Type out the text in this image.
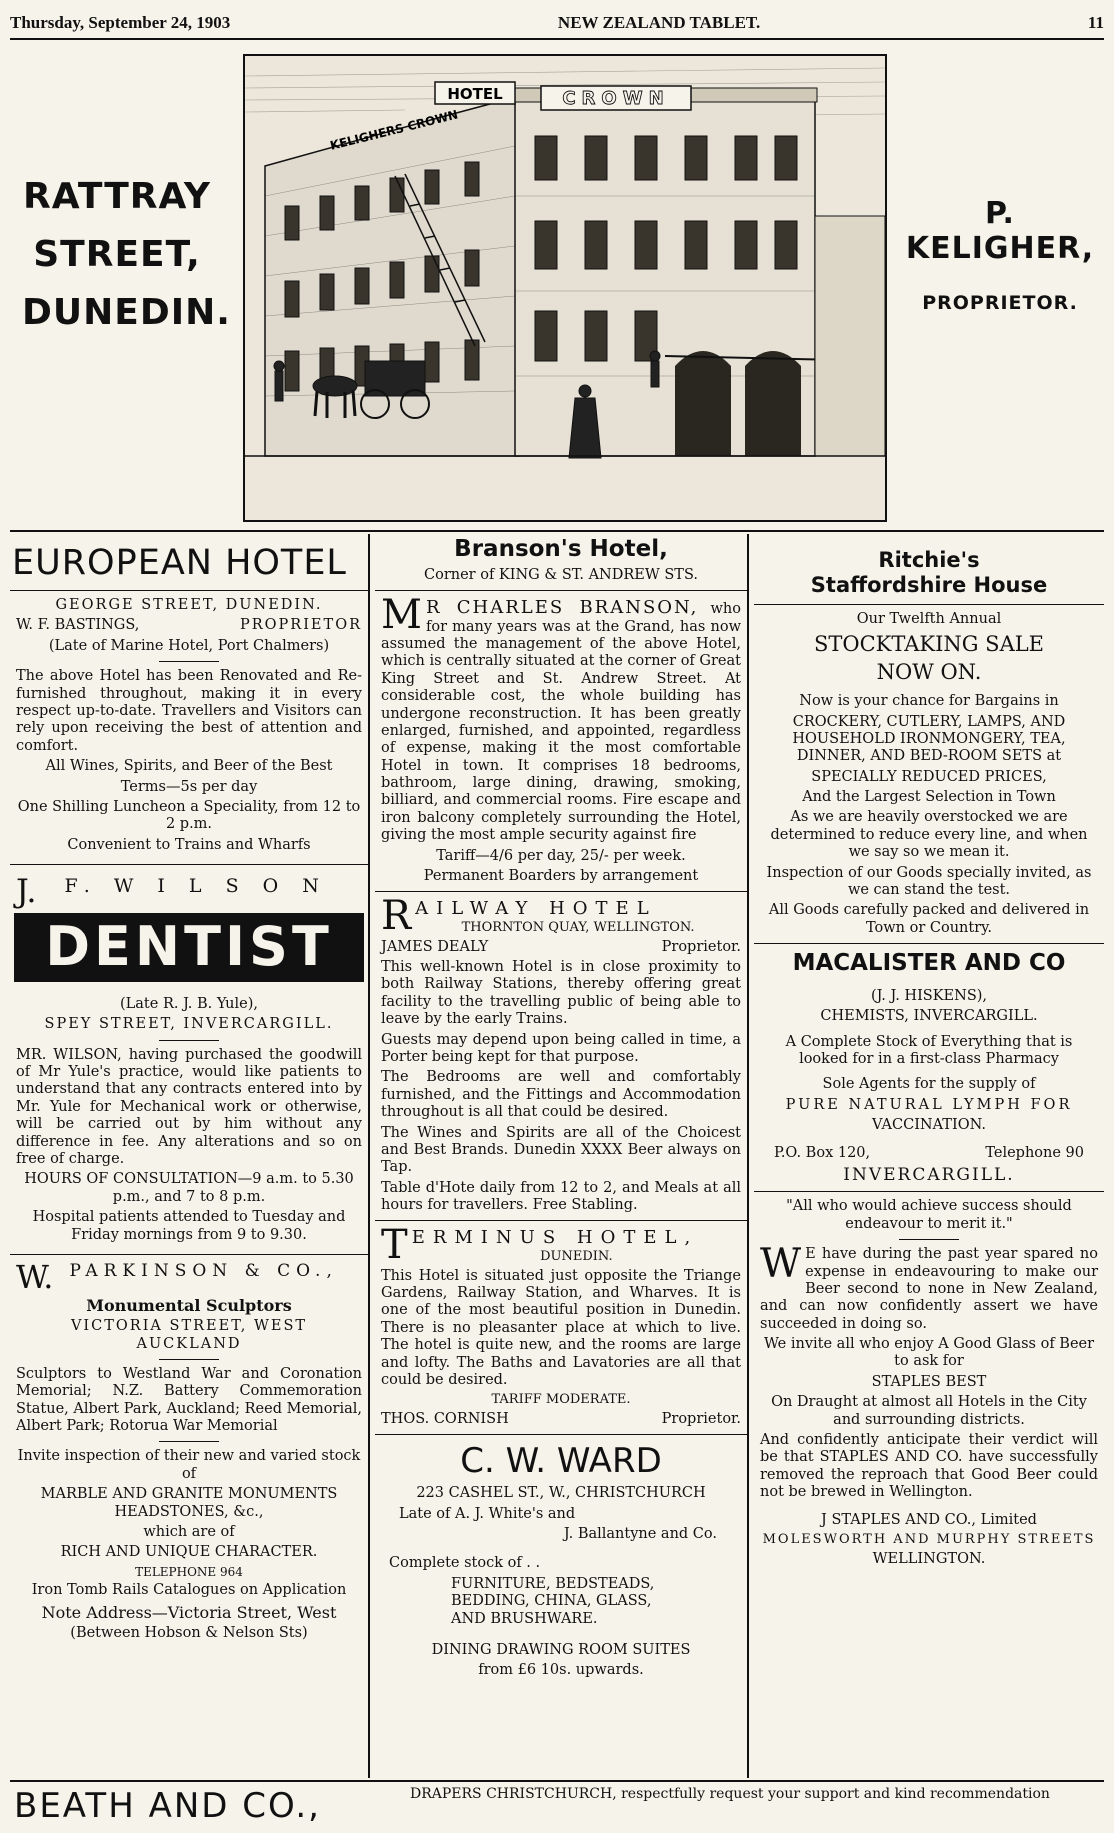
Thursday, September 24, 1903	NEW ZEALAND TABLET.	11
RATTRAY
STREET,
DUNEDIN.
HOTEL	CROWN
KELIGHERS CROWN
P. KELIGHER,
PROPRIETOR.
EUROPEAN HOTEL

GEORGE STREET, DUNEDIN.

W. F. BASTINGS,	PROPRIETOR

(Late of Marine Hotel, Port Chalmers)

The above Hotel has been Renovated and Re-furnished throughout, making it in every respect up-to-date. Travellers and Visitors can rely upon receiving the best of attention and comfort.

All Wines, Spirits, and Beer of the Best

Terms—5s per day

One Shilling Luncheon a Speciality, from 12 to 2 p.m.

Convenient to Trains and Wharfs

J. F. W I L S O N
DENTIST

(Late R. J. B. Yule),

SPEY STREET, INVERCARGILL.

MR. WILSON, having purchased the goodwill of Mr Yule's practice, would like patients to understand that any contracts entered into by Mr. Yule for Mechanical work or otherwise, will be carried out by him without any difference in fee. Any alterations and so on free of charge.

HOURS OF CONSULTATION—9 a.m. to 5.30 p.m., and 7 to 8 p.m.

Hospital patients attended to Tuesday and Friday mornings from 9 to 9.30.

W. PARKINSON & CO.,

Monumental Sculptors

VICTORIA STREET, WEST AUCKLAND

Sculptors to Westland War and Coronation Memorial; N.Z. Battery Commemoration Statue, Albert Park, Auckland; Reed Memorial, Albert Park; Rotorua War Memorial

Invite inspection of their new and varied stock of

MARBLE AND GRANITE MONUMENTS HEADSTONES, &c.,

which are of

RICH AND UNIQUE CHARACTER.

TELEPHONE 964

Iron Tomb Rails Catalogues on Application

Note Address—Victoria Street, West

(Between Hobson & Nelson Sts)

Branson's Hotel,

Corner of KING & ST. ANDREW STS.

M R CHARLES BRANSON, who for many years was at the Grand, has now assumed the management of the above Hotel, which is centrally situated at the corner of Great King Street and St. Andrew Street. At considerable cost, the whole building has undergone reconstruction. It has been greatly enlarged, furnished, and appointed, regardless of expense, making it the most comfortable Hotel in town. It comprises 18 bedrooms, bathroom, large dining, drawing, smoking, billiard, and commercial rooms. Fire escape and iron balcony completely surrounding the Hotel, giving the most ample security against fire

Tariff—4/6 per day, 25/- per week.

Permanent Boarders by arrangement

R AILWAY HOTEL
THORNTON QUAY, WELLINGTON.
JAMES DEALY	Proprietor.

This well-known Hotel is in close proximity to both Railway Stations, thereby offering great facility to the travelling public of being able to leave by the early Trains.

Guests may depend upon being called in time, a Porter being kept for that purpose.

The Bedrooms are well and comfortably furnished, and the Fittings and Accommodation throughout is all that could be desired.

The Wines and Spirits are all of the Choicest and Best Brands. Dunedin XXXX Beer always on Tap.

Table d'Hote daily from 12 to 2, and Meals at all hours for travellers. Free Stabling.

T ERMINUS HOTEL,
DUNEDIN.

This Hotel is situated just opposite the Triange Gardens, Railway Station, and Wharves. It is one of the most beautiful position in Dunedin. There is no pleasanter place at which to live. The hotel is quite new, and the rooms are large and lofty. The Baths and Lavatories are all that could be desired.

TARIFF MODERATE.

THOS. CORNISH	Proprietor.
C. W. WARD

223 CASHEL ST., W., CHRISTCHURCH

Late of A. J. White's and

J. Ballantyne and Co.

Complete stock of . .

FURNITURE, BEDSTEADS, BEDDING, CHINA, GLASS, AND BRUSHWARE.

DINING DRAWING ROOM SUITES

from £6 10s. upwards.

Ritchie's
Staffordshire House

Our Twelfth Annual

STOCKTAKING SALE

NOW ON.

Now is your chance for Bargains in

CROCKERY, CUTLERY, LAMPS, AND HOUSEHOLD IRONMONGERY, TEA, DINNER, AND BED-ROOM SETS at

SPECIALLY REDUCED PRICES,

And the Largest Selection in Town

As we are heavily overstocked we are determined to reduce every line, and when we say so we mean it.

Inspection of our Goods specially invited, as we can stand the test.

All Goods carefully packed and delivered in Town or Country.

MACALISTER AND CO

(J. J. HISKENS),

CHEMISTS, INVERCARGILL.

A Complete Stock of Everything that is looked for in a first-class Pharmacy

Sole Agents for the supply of

PURE NATURAL LYMPH FOR

VACCINATION.

P.O. Box 120,	Telephone 90

INVERCARGILL.

"All who would achieve success should endeavour to merit it."

W E have during the past year spared no expense in endeavouring to make our Beer second to none in New Zealand, and can now confidently assert we have succeeded in doing so.

We invite all who enjoy A Good Glass of Beer to ask for

STAPLES BEST

On Draught at almost all Hotels in the City and surrounding districts.

And confidently anticipate their verdict will be that STAPLES AND CO. have successfully removed the reproach that Good Beer could not be brewed in Wellington.

J STAPLES AND CO., Limited

MOLESWORTH AND MURPHY STREETS

WELLINGTON.

BEATH AND CO.,	DRAPERS CHRISTCHURCH, respectfully request your support and kind recommendation
